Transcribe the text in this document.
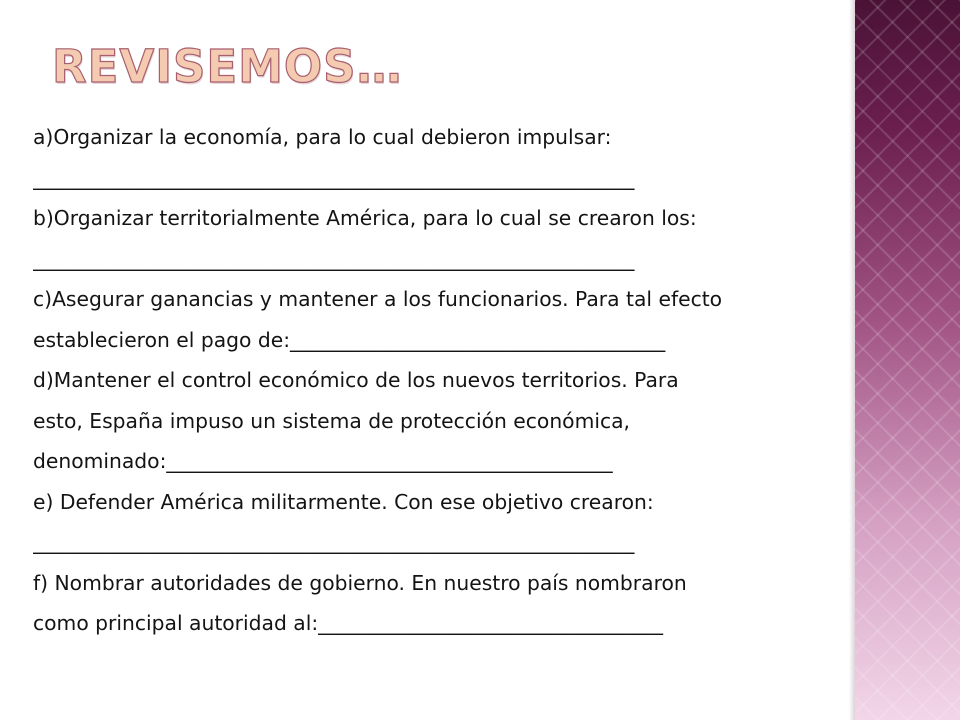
REVISEMOS…
a)Organizar la economía, para lo cual debieron impulsar:
____________________________________________________________
b)Organizar territorialmente América, para lo cual se crearon los:
____________________________________________________________
c)Asegurar ganancias y mantener a los funcionarios. Para tal efecto
establecieron el pago de:_____________________________________
d)Mantener el control económico de los nuevos territorios. Para
esto, España impuso un sistema de protección económica,
denominado:____________________________________________
e) Defender América militarmente. Con ese objetivo crearon:
____________________________________________________________
f) Nombrar autoridades de gobierno. En nuestro país nombraron
como principal autoridad al:__________________________________
